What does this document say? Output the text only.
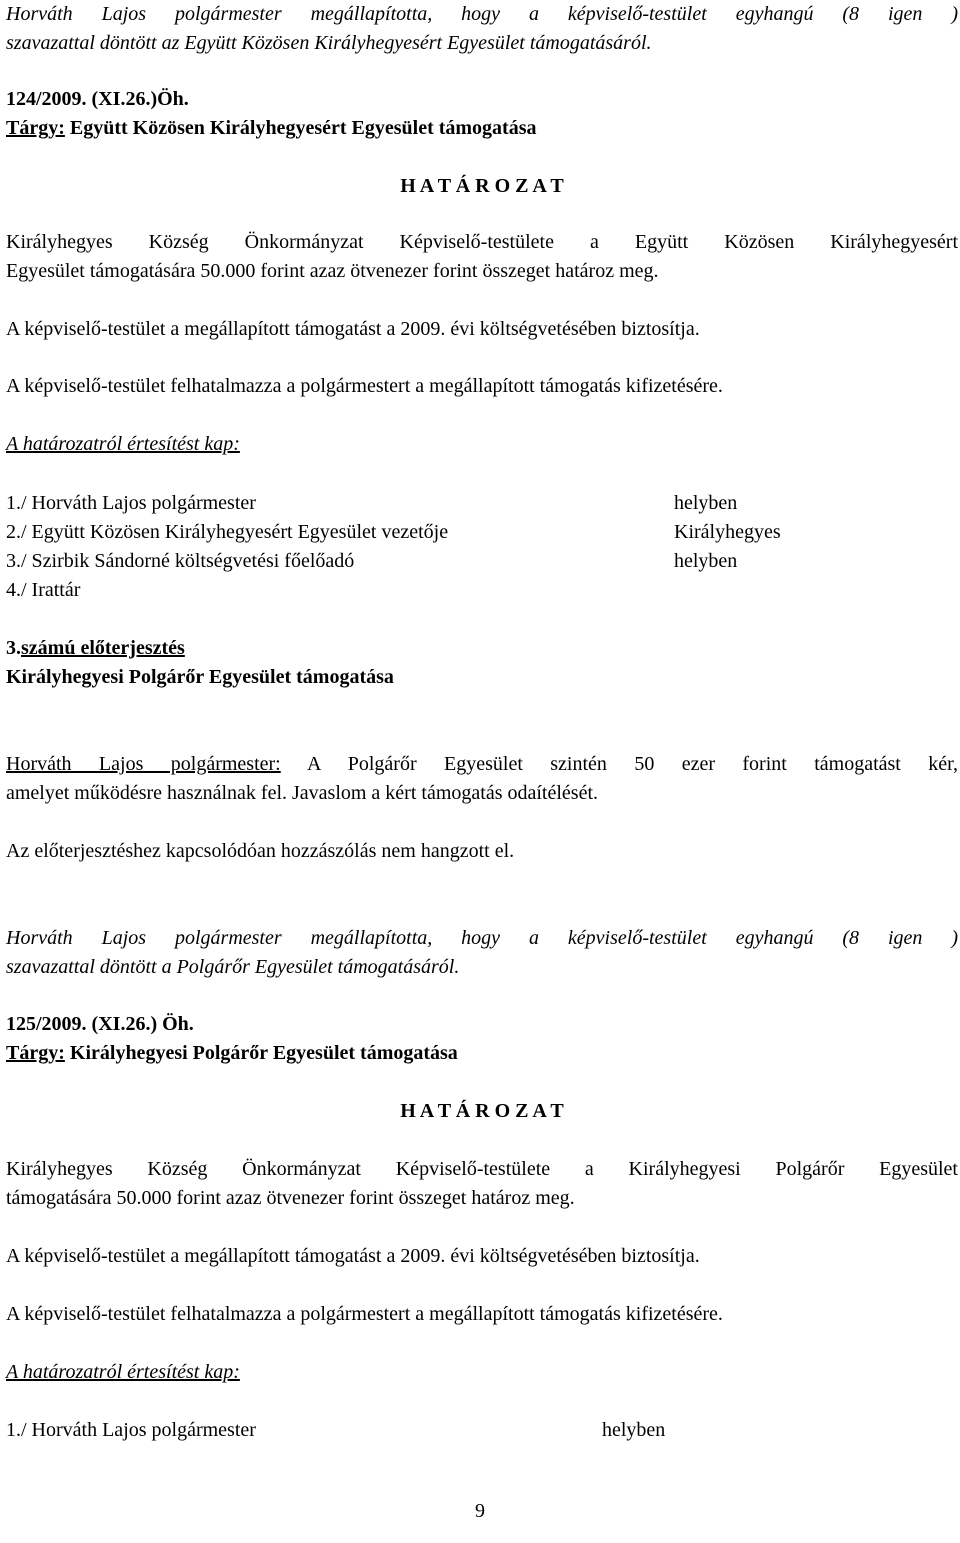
Horváth Lajos polgármester megállapította, hogy a képviselő-testület egyhangú (8 igen )
szavazattal döntött az Együtt Közösen Királyhegyesért Egyesület támogatásáról.
124/2009. (XI.26.)Öh.
Tárgy: Együtt Közösen Királyhegyesért Egyesület támogatása
H A T Á R O Z A T
Királyhegyes Község Önkormányzat Képviselő-testülete a Együtt Közösen Királyhegyesért
Egyesület támogatására 50.000 forint azaz ötvenezer forint összeget határoz meg.
A képviselő-testület a megállapított támogatást a 2009. évi költségvetésében biztosítja.
A képviselő-testület felhatalmazza a polgármestert a megállapított támogatás kifizetésére.
A határozatról értesítést kap:
1./ Horváth Lajos polgármester	helyben
2./ Együtt Közösen Királyhegyesért Egyesület vezetője	Királyhegyes
3./ Szirbik Sándorné költségvetési főelőadó	helyben
4./ Irattár
3.számú előterjesztés
Királyhegyesi Polgárőr Egyesület támogatása
Horváth Lajos polgármester: A Polgárőr Egyesület szintén 50 ezer forint támogatást kér,
amelyet működésre használnak fel. Javaslom a kért támogatás odaítélését.
Az előterjesztéshez kapcsolódóan hozzászólás nem hangzott el.
Horváth Lajos polgármester megállapította, hogy a képviselő-testület egyhangú (8 igen )
szavazattal döntött a Polgárőr Egyesület támogatásáról.
125/2009. (XI.26.) Öh.
Tárgy: Királyhegyesi Polgárőr Egyesület támogatása
H A T Á R O Z A T
Királyhegyes Község Önkormányzat Képviselő-testülete a Királyhegyesi Polgárőr Egyesület
támogatására 50.000 forint azaz ötvenezer forint összeget határoz meg.
A képviselő-testület a megállapított támogatást a 2009. évi költségvetésében biztosítja.
A képviselő-testület felhatalmazza a polgármestert a megállapított támogatás kifizetésére.
A határozatról értesítést kap:
1./ Horváth Lajos polgármester	helyben
9
